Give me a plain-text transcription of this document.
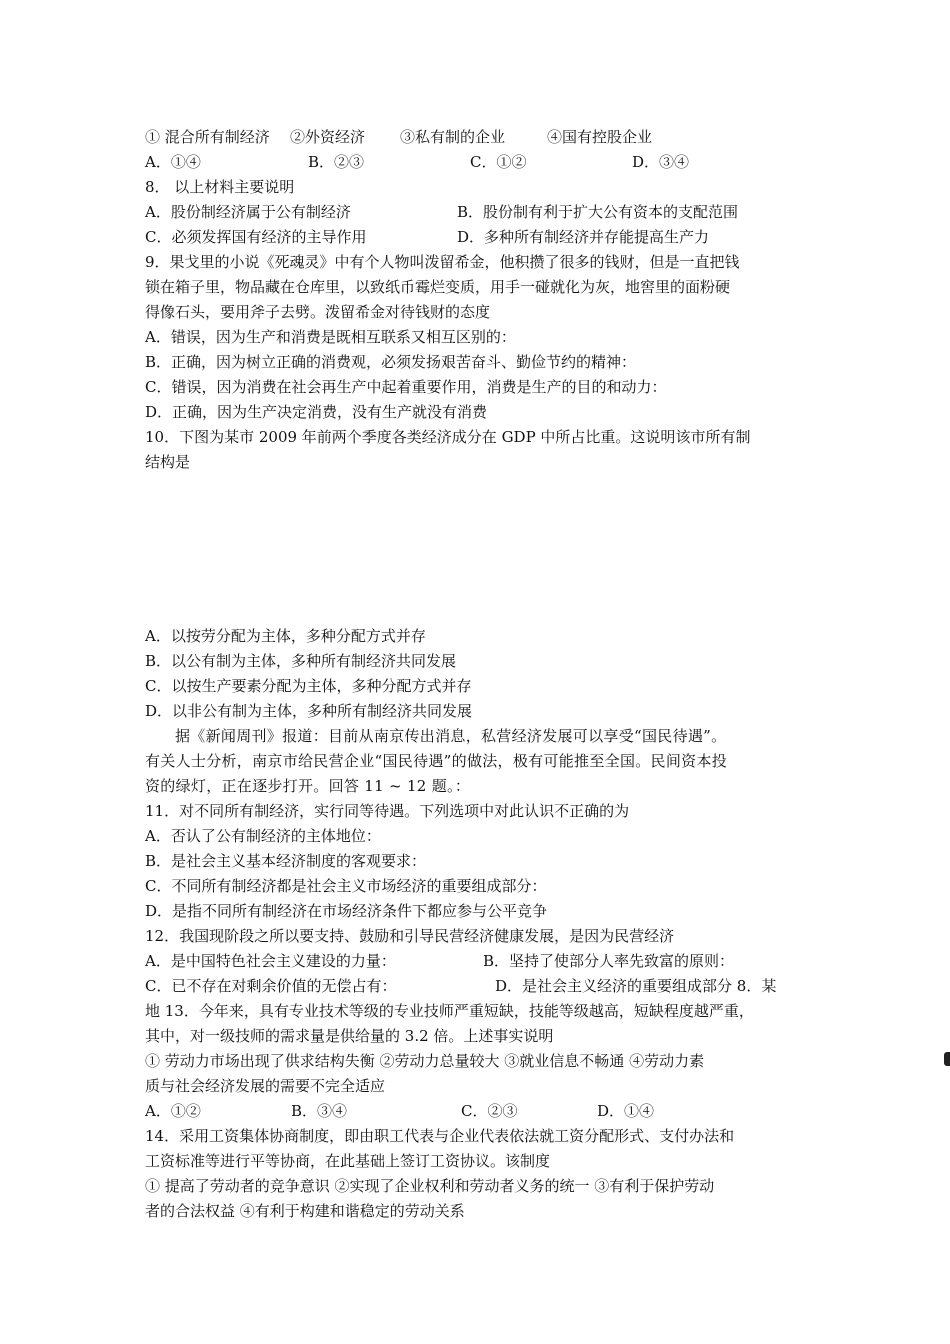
① 混合所有制经济 ②外资经济 ③私有制的企业	④国有控股企业
A．①④	B．②③	C．①②	D．③④
8． 以上材料主要说明
A．股份制经济属于公有制经济	B．股份制有利于扩大公有资本的支配范围
C．必须发挥国有经济的主导作用	D．多种所有制经济并存能提高生产力
9．果戈里的小说《死魂灵》中有个人物叫泼留希金，他积攒了很多的钱财，但是一直把钱
锁在箱子里，物品藏在仓库里，以致纸币霉烂变质，用手一碰就化为灰，地窖里的面粉硬
得像石头，要用斧子去劈。泼留希金对待钱财的态度
A．错误，因为生产和消费是既相互联系又相互区别的：
B．正确，因为树立正确的消费观，必须发扬艰苦奋斗、勤俭节约的精神：
C．错误，因为消费在社会再生产中起着重要作用，消费是生产的目的和动力：
D．正确，因为生产决定消费，没有生产就没有消费
10．下图为某市 2009 年前两个季度各类经济成分在 GDP 中所占比重。这说明该市所有制
结构是
A．以按劳分配为主体，多种分配方式并存
B．以公有制为主体，多种所有制经济共同发展
C．以按生产要素分配为主体，多种分配方式并存
D．以非公有制为主体，多种所有制经济共同发展
据《新闻周刊》报道：目前从南京传出消息，私营经济发展可以享受“国民待遇”。
有关人士分析，南京市给民营企业“国民待遇”的做法，极有可能推至全国。民间资本投
资的绿灯，正在逐步打开。回答 11 ~ 12 题。：
11．对不同所有制经济，实行同等待遇。下列选项中对此认识不正确的为
A．否认了公有制经济的主体地位：
B．是社会主义基本经济制度的客观要求：
C．不同所有制经济都是社会主义市场经济的重要组成部分：
D．是指不同所有制经济在市场经济条件下都应参与公平竞争
12．我国现阶段之所以要支持、鼓励和引导民营经济健康发展，是因为民营经济
A．是中国特色社会主义建设的力量：	B．坚持了使部分人率先致富的原则：
C．已不存在对剩余价值的无偿占有：	D．是社会主义经济的重要组成部分 8．某
地 13．今年来，具有专业技术等级的专业技师严重短缺，技能等级越高，短缺程度越严重，
其中，对一级技师的需求量是供给量的 3.2 倍。上述事实说明
① 劳动力市场出现了供求结构失衡 ②劳动力总量较大 ③就业信息不畅通 ④劳动力素
质与社会经济发展的需要不完全适应
A．①②	B．③④	C．②③	D．①④
14．采用工资集体协商制度，即由职工代表与企业代表依法就工资分配形式、支付办法和
工资标准等进行平等协商，在此基础上签订工资协议。该制度
① 提高了劳动者的竞争意识 ②实现了企业权利和劳动者义务的统一 ③有利于保护劳动
者的合法权益 ④有利于构建和谐稳定的劳动关系
